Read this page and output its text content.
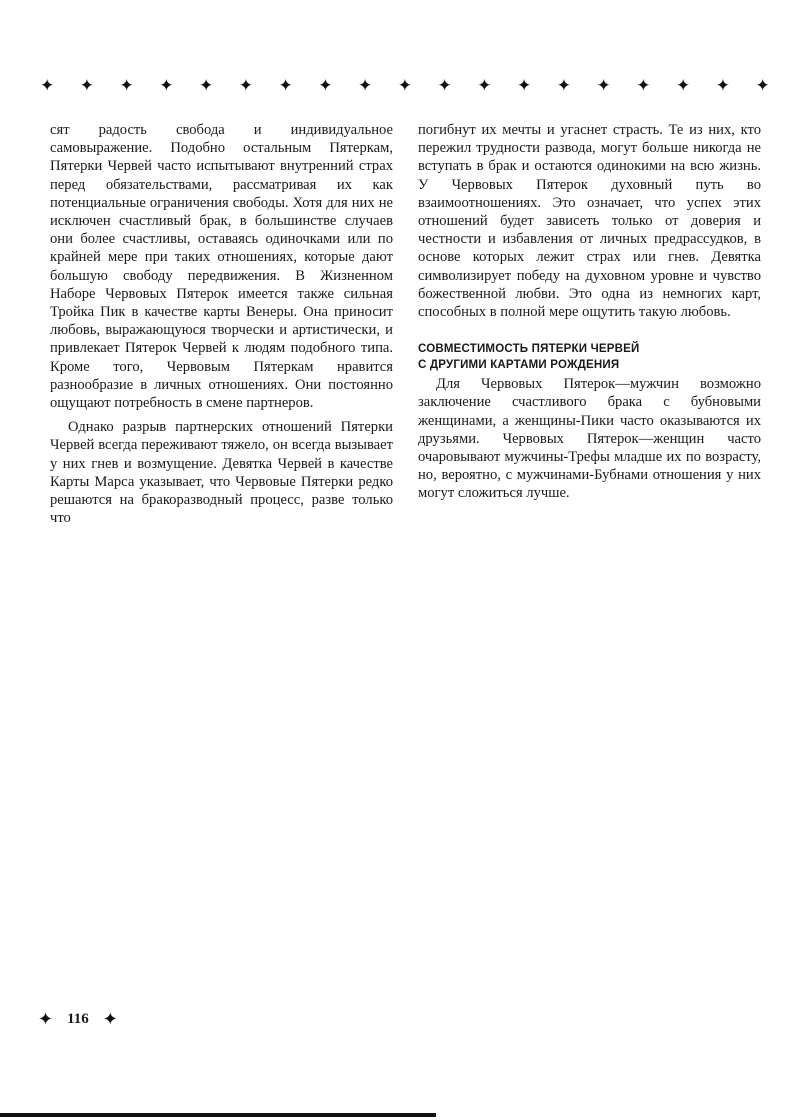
✦ ✦ ✦ ✦ ✦ ✦ ✦ ✦ ✦ ✦ ✦ ✦ ✦ ✦ ✦ ✦ ✦ ✦ ✦

сят радость свобода и индивидуальное самовыражение. Подобно остальным Пятеркам, Пятерки Червей часто испытывают внутренний страх перед обязательствами, рассматривая их как потенциальные ограничения свободы. Хотя для них не исключен счастливый брак, в большинстве случаев они более счастливы, оставаясь одиночками или по крайней мере при таких отношениях, которые дают большую свободу передвижения. В Жизненном Наборе Червовых Пятерок имеется также сильная Тройка Пик в качестве карты Венеры. Она приносит любовь, выражающуюся творчески и артистически, и привлекает Пятерок Червей к людям подобного типа. Кроме того, Червовым Пятеркам нравится разнообразие в личных отношениях. Они постоянно ощущают потребность в смене партнеров.

Однако разрыв партнерских отношений Пятерки Червей всегда переживают тяжело, он всегда вызывает у них гнев и возмущение. Девятка Червей в качестве Карты Марса указывает, что Червовые Пятерки редко решаются на бракоразводный процесс, разве только что

погибнут их мечты и угаснет страсть. Те из них, кто пережил трудности развода, могут больше никогда не вступать в брак и остаются одинокими на всю жизнь. У Червовых Пятерок духовный путь во взаимоотношениях. Это означает, что успех этих отношений будет зависеть только от доверия и честности и избавления от личных предрассудков, в основе которых лежит страх или гнев. Девятка символизирует победу на духовном уровне и чувство божественной любви. Это одна из немногих карт, способных в полной мере ощутить такую любовь.

СОВМЕСТИМОСТЬ ПЯТЕРКИ ЧЕРВЕЙ
С ДРУГИМИ КАРТАМИ РОЖДЕНИЯ

Для Червовых Пятерок—мужчин возможно заключение счастливого брака с бубновыми женщинами, а женщины-Пики часто оказываются их друзьями. Червовых Пятерок—женщин часто очаровывают мужчины-Трефы младше их по возрасту, но, вероятно, с мужчинами-Бубнами отношения у них могут сложиться лучше.

✦ 116 ✦
